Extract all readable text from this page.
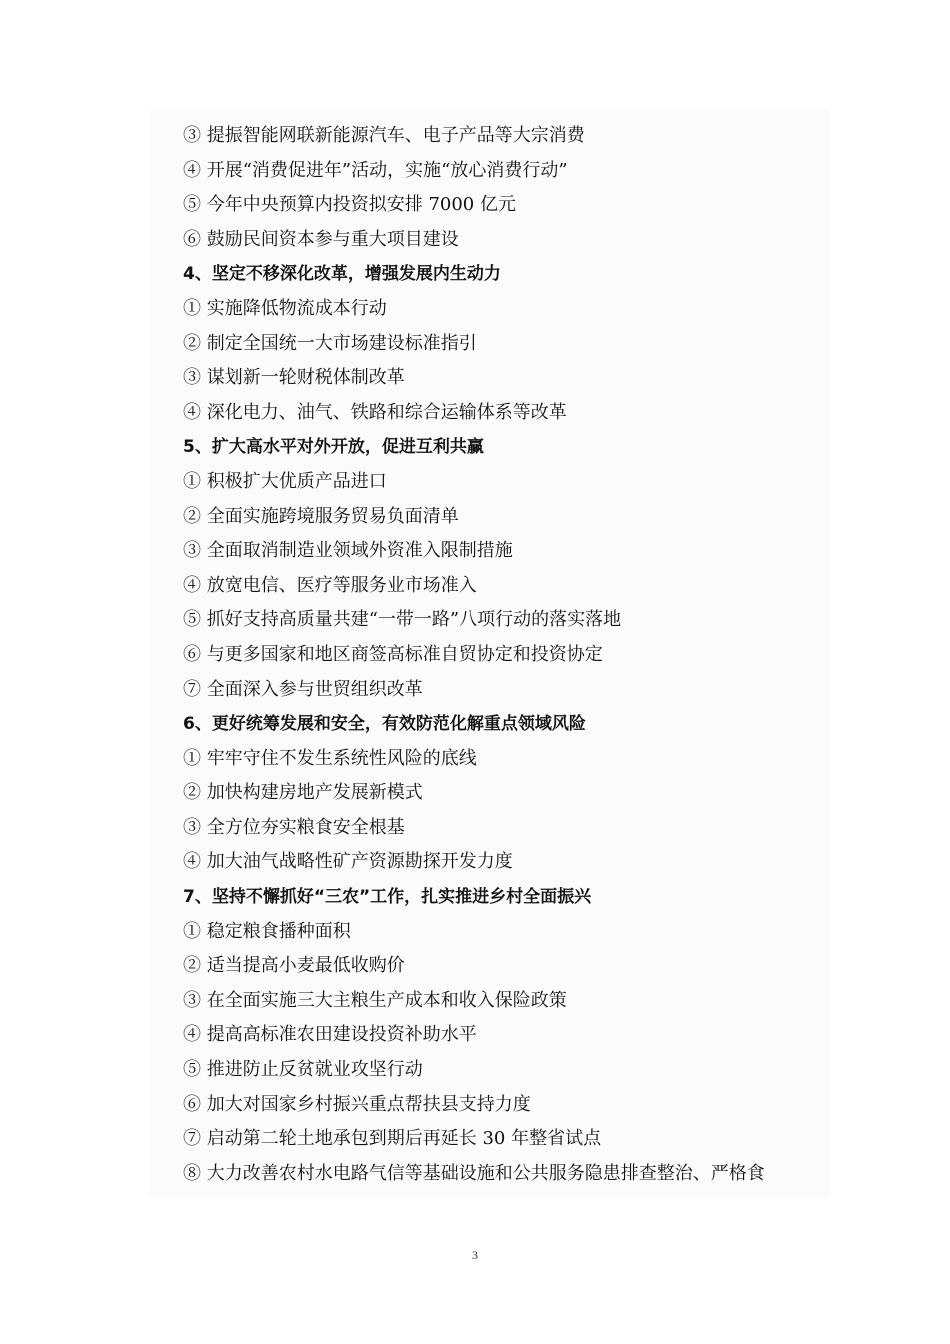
③ 提振智能网联新能源汽车、电子产品等大宗消费
④ 开展“消费促进年”活动，实施“放心消费行动”
⑤ 今年中央预算内投资拟安排 7000 亿元
⑥ 鼓励民间资本参与重大项目建设
4、坚定不移深化改革，增强发展内生动力
① 实施降低物流成本行动
② 制定全国统一大市场建设标准指引
③ 谋划新一轮财税体制改革
④ 深化电力、油气、铁路和综合运输体系等改革
5、扩大高水平对外开放，促进互利共赢
① 积极扩大优质产品进口
② 全面实施跨境服务贸易负面清单
③ 全面取消制造业领域外资准入限制措施
④ 放宽电信、医疗等服务业市场准入
⑤ 抓好支持高质量共建“一带一路”八项行动的落实落地
⑥ 与更多国家和地区商签高标准自贸协定和投资协定
⑦ 全面深入参与世贸组织改革
6、更好统筹发展和安全，有效防范化解重点领域风险
① 牢牢守住不发生系统性风险的底线
② 加快构建房地产发展新模式
③ 全方位夯实粮食安全根基
④ 加大油气战略性矿产资源勘探开发力度
7、坚持不懈抓好“三农”工作，扎实推进乡村全面振兴
① 稳定粮食播种面积
② 适当提高小麦最低收购价
③ 在全面实施三大主粮生产成本和收入保险政策
④ 提高高标准农田建设投资补助水平
⑤ 推进防止反贫就业攻坚行动
⑥ 加大对国家乡村振兴重点帮扶县支持力度
⑦ 启动第二轮土地承包到期后再延长 30 年整省试点
⑧ 大力改善农村水电路气信等基础设施和公共服务隐患排查整治、严格食
3
